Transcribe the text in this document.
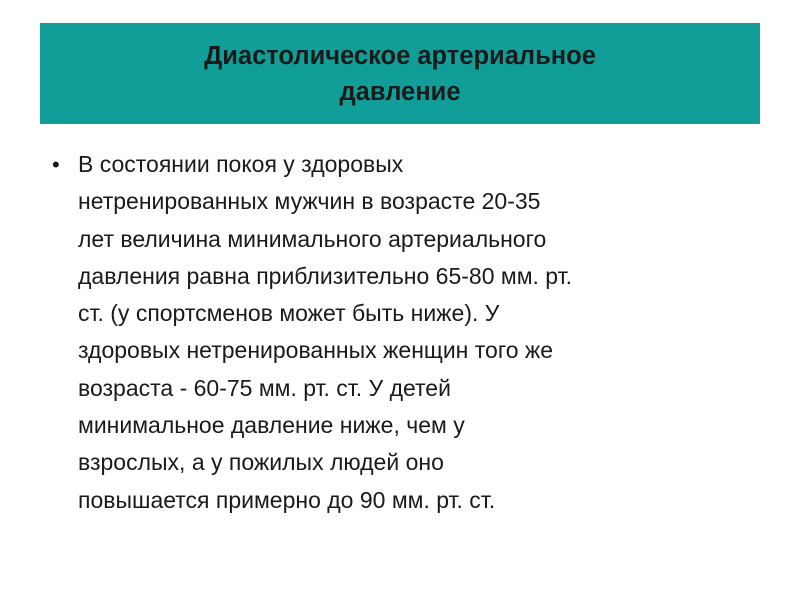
Диастолическое артериальное
давление
• В состоянии покоя у здоровых
нетренированных мужчин в возрасте 20-35
лет величина минимального артериального
давления равна приблизительно 65-80 мм. рт.
ст. (у спортсменов может быть ниже). У
здоровых нетренированных женщин того же
возраста - 60-75 мм. рт. ст. У детей
минимальное давление ниже, чем у
взрослых, а у пожилых людей оно
повышается примерно до 90 мм. рт. ст.
